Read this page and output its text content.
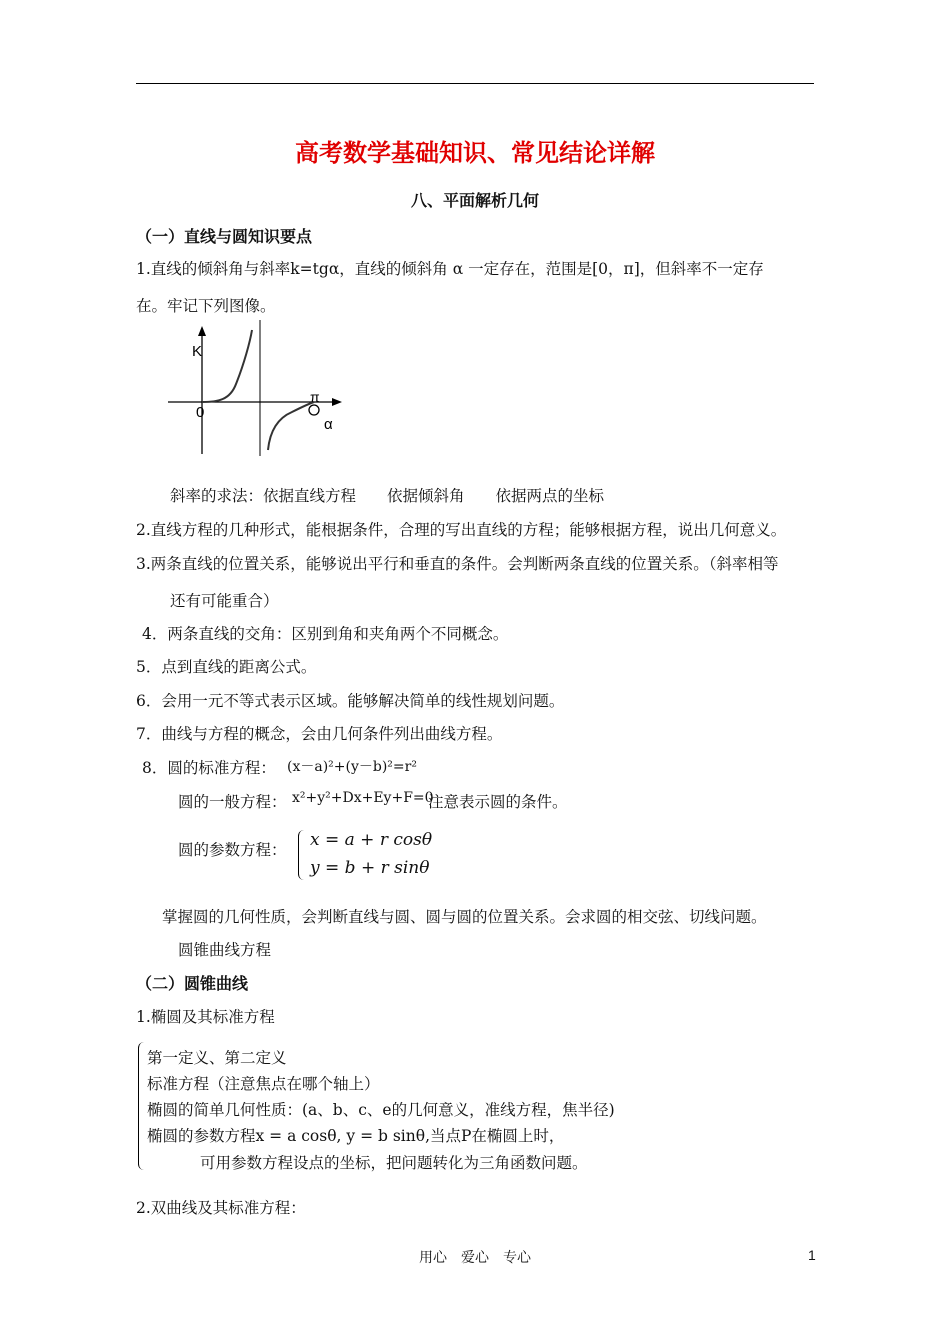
高考数学基础知识、常见结论详解
八、平面解析几何
（一）直线与圆知识要点
1.直线的倾斜角与斜率k=tgα，直线的倾斜角 α 一定存在，范围是[0，π]，但斜率不一定存
在。牢记下列图像。
K
0
π
α
斜率的求法：依据直线方程　　依据倾斜角　　依据两点的坐标
2.直线方程的几种形式，能根据条件，合理的写出直线的方程；能够根据方程，说出几何意义。
3.两条直线的位置关系，能够说出平行和垂直的条件。会判断两条直线的位置关系。（斜率相等
还有可能重合）
4．两条直线的交角：区别到角和夹角两个不同概念。
5．点到直线的距离公式。
6．会用一元不等式表示区域。能够解决简单的线性规划问题。
7．曲线与方程的概念，会由几何条件列出曲线方程。
8．圆的标准方程： (x－a)²+(y－b)²=r²
圆的一般方程： x²+y²+Dx+Ey+F=0
注意表示圆的条件。
圆的参数方程： x = a + r cosθ
y = b + r sinθ
掌握圆的几何性质，会判断直线与圆、圆与圆的位置关系。会求圆的相交弦、切线问题。
圆锥曲线方程
（二）圆锥曲线
1.椭圆及其标准方程
第一定义、第二定义
标准方程（注意焦点在哪个轴上）
椭圆的简单几何性质：(a、b、c、e的几何意义，准线方程，焦半径)
椭圆的参数方程x = a cosθ, y = b sinθ,当点P在椭圆上时，
可用参数方程设点的坐标，把问题转化为三角函数问题。
2.双曲线及其标准方程：
用心　爱心　专心	1
